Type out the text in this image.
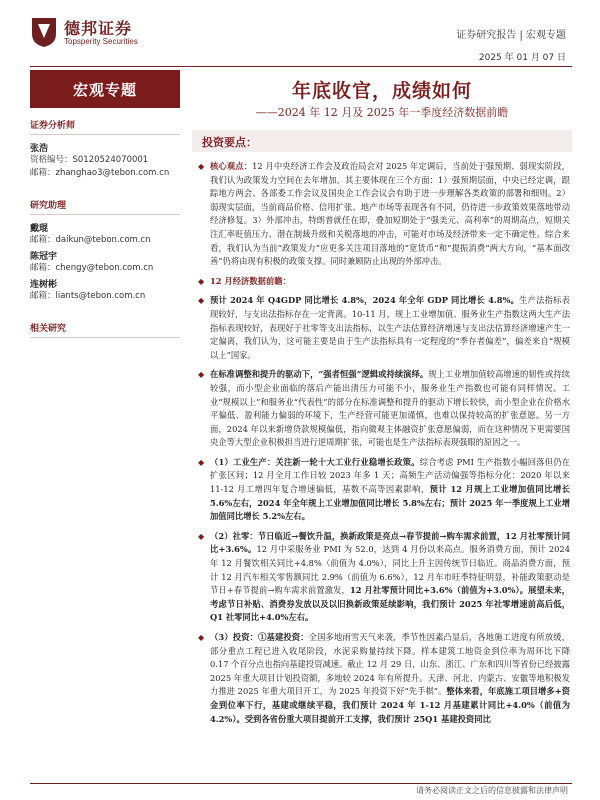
德邦证券
Topsperity Securities
证券研究报告 | 宏观专题
2025 年 01 月 07 日
宏观专题
证券分析师
张浩
资格编号：S0120524070001
邮箱：zhanghao3@tebon.com.cn
研究助理
戴琨
邮箱：daikun@tebon.com.cn
陈冠宇
邮箱：chengy@tebon.com.cn
连树彬
邮箱：liants@tebon.com.cn
相关研究
年底收官，成绩如何
——2024 年 12 月及 2025 年一季度经济数据前瞻
投资要点：
◆ 核心观点：12 月中央经济工作会及政治局会对 2025 年定调后，当前处于强预期、弱现实阶段，我们认为政策发力空间在去年增加。其主要体现在三个方面：1）强预期层面，中央已经定调，跟踪地方两会、各部委工作会议及国央企工作会议会有助于进一步理解各类政策的部署和细则。2）弱现实层面，当前商品价格、信用扩张、地产市场等表现各有不同，仍待进一步政策效果落地带动经济修复。3）外部冲击，特朗普就任在即，叠加短期处于“强美元、高利率”的周期高点，短期关注汇率贬值压力、潜在制裁升级和关税落地的冲击，可能对市场及经济带来一定不确定性。综合来看，我们认为当前“政策发力”应更多关注项目落地的“宽货币”和“提振消费”两大方向，“基本面改善”仍将由现有积极的政策支撑。同时兼顾防止出现的外部冲击。
◆ 12 月经济数据前瞻：
◆ 预计 2024 年 Q4GDP 同比增长 4.8%，2024 年全年 GDP 同比增长 4.8%。生产法指标表现较好，与支出法指标存在一定背离。10-11 月，规上工业增加值、服务业生产指数这两大生产法指标表现较好，表现好于社零等支出法指标，以生产法估算经济增速与支出法估算经济增速产生一定偏离，我们认为，这可能主要是由于生产法指标具有一定程度的“季存者偏差”，偏差来自“规模以上”国家。
◆ 在标准调整和提升的驱动下，“强者恒强”逻辑或持续演绎。规上工业增加值较高增速的韧性或持续较强，而小型企业面临的落后产能出清压力可能不小，服务业生产指数也可能有同样情况。工业“规模以上”和服务业“代表性”的部分在标准调整和提升的驱动下增长较快，而小型企业在价格水平偏低、盈利能力偏弱的环境下，生产经营可能更加谨慎，也难以保持较高的扩张意愿。另一方面，2024 年以来新增贷款规模偏低，指向微观主体融资扩张意愿偏弱，而在这种情况下更需要国央企等大型企业积极担当进行逆周期扩张，可能也是生产法指标表现强眼的原因之一。
◆ （1）工业生产：关注新一轮十大工业行业稳增长政策。综合考虑 PMI 生产指数小幅回落但仍在扩张区间；12 月全月工作日较 2023 年多 1 天；高频生产活动偏强等指标分化：2020 年以来 11-12 月工增四年复合增速偏低，基数不高等因素影响，预计 12 月规上工业增加值同比增长 5.6%左右，2024 年全年规上工业增加值同比增长 5.8%左右；预计 2025 年一季度规上工业增加值同比增长 5.2%左右。
◆ （2）社零：节日临近→餐饮升温，换新政策是亮点→春节提前→购车需求前置，12 月社零预计同比+3.6%。12 月中采服务业 PMI 为 52.0，达到 4 月份以来高点。服务消费方面，预计 2024 年 12 月餐饮相关同比+4.8%（前值为 4.0%），同比上升主因传统节日临近。商品消费方面，预计 12 月汽车相关零售额同比 2.9%（前值为 6.6%），12 月车市旺季特征明显，补能政策驱动是节日+春节提前→购车需求前置激发，12 月社零预计同比+3.6%（前值为+3.0%）。展望未来，考虑节日补贴、消费券发放以及以旧换新政策延续影响，我们预计 2025 年社零增速前高后低，Q1 社零同比+4.0%左右。
◆ （3）投资：①基建投资：全国多地雨雪天气来袭，季节性因素凸显后，各地施工进度有所放缓，部分重点工程已进入收尾阶段，水泥采购量持续下降。样本建筑工地资金到位率为周环比下降 0.17 个百分点也指向基建投资减速。截止 12 月 29 日，山东、浙江、广东和四川等省份已经披露 2025 年重大项目计划投资额，多地较 2024 年有所提升。天津、河北、内蒙古、安徽等地积极发力推进 2025 年重大项目开工，为 2025 年投资下好“先手棋”。整体来看，年底施工项目增多+资金到位率下行，基建或继续平稳，我们预计 2024 年 1-12 月基建累计同比+4.0%（前值为 4.2%）。受到各省份重大项目提前开工支撑，我们预计 25Q1 基建投资同比
请务必阅读正文之后的信息披露和法律声明
